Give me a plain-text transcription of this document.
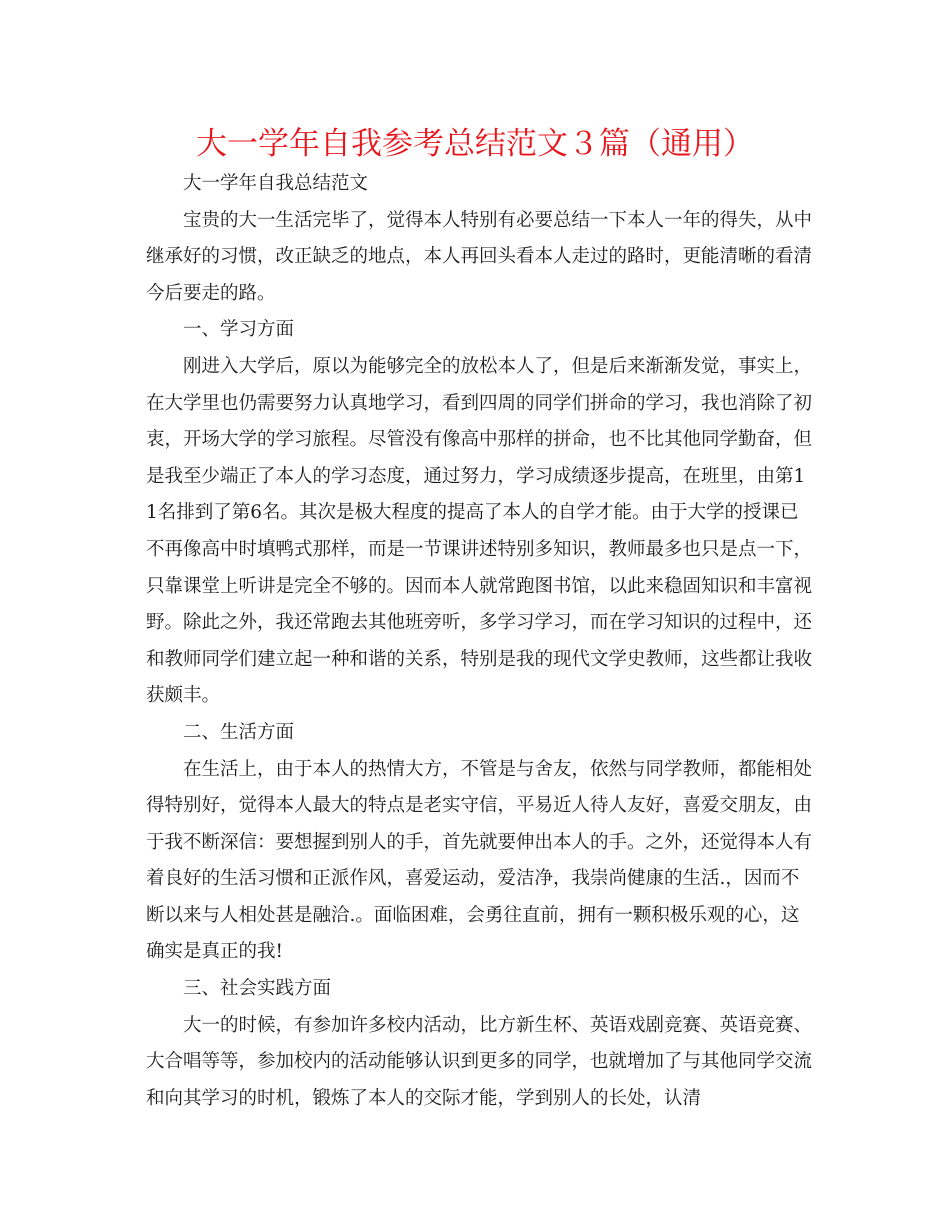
大一学年自我参考总结范文３篇（通用）

大一学年自我总结范文

宝贵的大一生活完毕了，觉得本人特别有必要总结一下本人一年的得失，从中继承好的习惯，改正缺乏的地点，本人再回头看本人走过的路时，更能清晰的看清今后要走的路。

一、学习方面

刚进入大学后，原以为能够完全的放松本人了，但是后来渐渐发觉，事实上，在大学里也仍需要努力认真地学习，看到四周的同学们拼命的学习，我也消除了初衷，开场大学的学习旅程。尽管没有像高中那样的拼命，也不比其他同学勤奋，但是我至少端正了本人的学习态度，通过努力，学习成绩逐步提高，在班里，由第11名排到了第6名。其次是极大程度的提高了本人的自学才能。由于大学的授课已不再像高中时填鸭式那样，而是一节课讲述特别多知识，教师最多也只是点一下，只靠课堂上听讲是完全不够的。因而本人就常跑图书馆，以此来稳固知识和丰富视野。除此之外，我还常跑去其他班旁听，多学习学习，而在学习知识的过程中，还和教师同学们建立起一种和谐的关系，特别是我的现代文学史教师，这些都让我收获颇丰。

二、生活方面

在生活上，由于本人的热情大方，不管是与舍友，依然与同学教师，都能相处得特别好，觉得本人最大的特点是老实守信，平易近人待人友好，喜爱交朋友，由于我不断深信：要想握到别人的手，首先就要伸出本人的手。之外，还觉得本人有着良好的生活习惯和正派作风，喜爱运动，爱洁净，我崇尚健康的生活.，因而不断以来与人相处甚是融洽.。面临困难，会勇往直前，拥有一颗积极乐观的心，这确实是真正的我!

三、社会实践方面

大一的时候，有参加许多校内活动，比方新生杯、英语戏剧竞赛、英语竞赛、大合唱等等，参加校内的活动能够认识到更多的同学，也就增加了与其他同学交流和向其学习的时机，锻炼了本人的交际才能，学到别人的长处，认清
